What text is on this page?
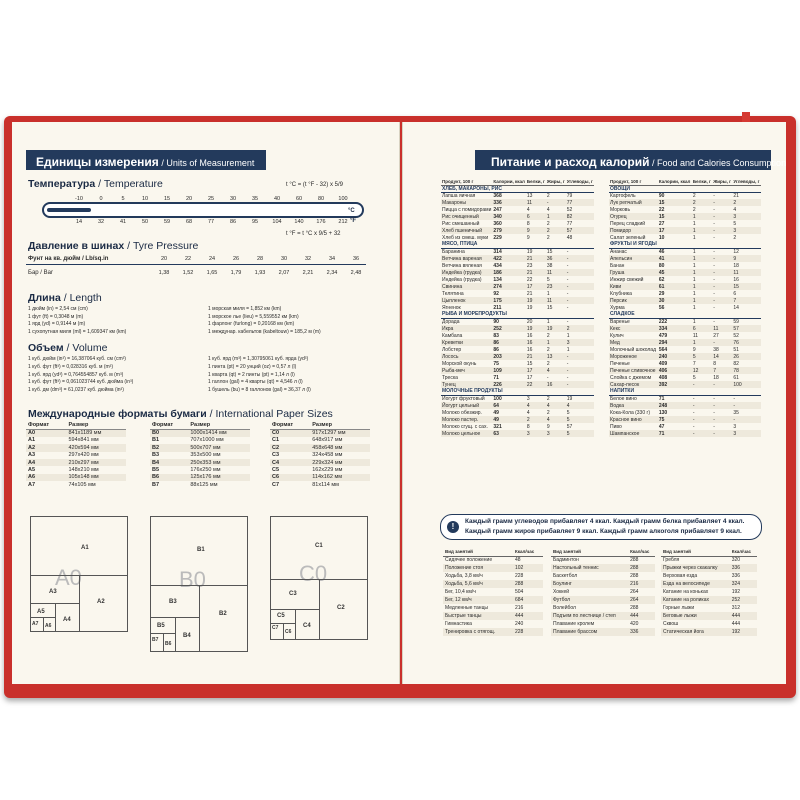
Единицы измерения / Units of Measurement
Температура / Temperature	t °C = (t °F - 32) x 5/9
-10	0	5	10	15	20	25	30	35	40	60	80	100
°C
14	32	41	50	59	68	77	86	95	104	140	176	212 °F
t °F = t °C x 9/5 + 32
Давление в шинах / Tyre Pressure
Фунт на кв. дюйм / Lb/sq.in	20	22	24	26	28	30	32	34	36
Бар / Bar	1,38	1,52	1,65	1,79	1,93	2,07	2,21	2,34	2,48
Длина / Length
1 дюйм (in) = 2,54 см (cm)
1 фут (ft) = 0,3048 м (m)
1 ярд (yd) = 0,9144 м (m)
1 сухопутная миля (ml) = 1,609347 км (km)
1 морская миля = 1,852 км (km)
1 морское лье (lieu) = 5,559552 км (km)
1 фарлонг (furlong) = 0,20168 км (km)
1 междунар. кабельтов (kabeltouw) = 185,2 м (m)
Объем / Volume
1 куб. дюйм (in³) = 16,387064 куб. см (cm³)
1 куб. фут (ft³) = 0,028316 куб. м (m³)
1 куб. ярд (yd³) = 0,764554857 куб. м (m³)
1 куб. фут (ft³) = 0,061023744 куб. дюйма (in³)
1 куб. дм (dm³) = 61,0237 куб. дюйма (in³)
1 куб. ярд (m³) = 1,30795061 куб. ярда (yd³)
1 пинта (pt) = 20 унций (oz) = 0,57 л (l)
1 кварта (qt) = 2 пинты (pt) = 1,14 л (l)
1 галлон (gal) = 4 кварты (qt) = 4,546 л (l)
1 бушель (bu) = 8 галлонов (gal) = 36,37 л (l)
Международные форматы бумаги / International Paper Sizes
Формат	Размер
A0	841x1189 мм
A1	594x841 мм
A2	420x594 мм
A3	297x420 мм
A4	210x297 мм
A5	148x210 мм
A6	105x148 мм
A7	74x105 мм
Формат	Размер
B0	1000x1414 мм
B1	707x1000 мм
B2	500x707 мм
B3	353x500 мм
B4	250x353 мм
B5	176x250 мм
B6	125x176 мм
B7	88x125 мм
Формат	Размер
C0	917x1297 мм
C1	648x917 мм
C2	458x648 мм
C3	324x458 мм
C4	229x324 мм
C5	162x229 мм
C6	114x162 мм
C7	81x114 мм
A0
A1
A2
A3
A4
A5
A6
A7
B0
B1
B2
B3
B4
B5
B6
B7
C0
C1
C2
C3
C4
C5
C6
C7
Питание и расход калорий / Food and Calories Consumption
Продукт, 100 г	Калории, ккал	Белки, г	Жиры, г	Углеводы, г
ХЛЕБ, МАКАРОНЫ, РИС				
Лапша яичная	368	13	2	79
Макароны	336	11	-	77
Пицца с помидорами	247	4	4	52
Рис очищенный	340	6	1	82
Рис смешанный	360	8	2	77
Хлеб пшеничный	279	9	2	57
Хлеб из смеш. муки	229	9	2	48
МЯСО, ПТИЦА				
Баранина	314	19	15	-
Ветчина вареная	422	21	36	-
Ветчина вяленая	434	23	38	-
Индейка (грудка)	186	21	11	-
Индейка (грудка)	134	22	5	-
Свинина	274	17	23	-
Телятина	92	21	1	-
Цыпленок	175	19	11	-
Ягненок	211	19	15	-
РЫБА И МОРЕПРОДУКТЫ				
Дорада	90	20	1	-
Икра	252	19	19	2
Камбала	83	16	2	1
Креветки	86	16	1	3
Лобстер	86	16	2	1
Лосось	203	21	13	-
Морской окунь	75	15	2	-
Рыба-меч	109	17	4	-
Треска	71	17	-	-
Тунец	226	22	16	-
МОЛОЧНЫЕ ПРОДУКТЫ				
Йогурт фруктовый	100	3	2	19
Йогурт цельный	64	4	4	4
Молоко обезжир.	49	4	2	5
Молоко пастер.	49	2	4	5
Молоко сгущ. с сах.	321	8	9	57
Молоко цельное	63	3	3	5
Продукт, 100 г	Калории, ккал	Белки, г	Жиры, г	Углеводы, г
ОВОЩИ				
Картофель	90	2	-	21
Лук репчатый	15	2	-	2
Морковь	22	2	-	4
Огурец	15	1	-	3
Перец сладкий	27	1	-	5
Помидор	17	1	-	3
Салат зеленый	10	1	-	2
ФРУКТЫ И ЯГОДЫ				
Ананас	46	1	-	12
Апельсин	41	1	-	9
Банан	80	1	-	18
Груша	45	1	-	11
Инжир свежий	62	1	-	16
Киви	61	1	-	15
Клубника	29	1	-	6
Персик	30	1	-	7
Хурма	56	1	-	14
СЛАДКОЕ				
Варенье	222	1	-	59
Кекс	334	6	11	57
Кулич	479	11	27	52
Мед	294	1	-	76
Молочный шоколад	564	9	38	51
Мороженое	240	5	14	26
Печенье	409	7	8	82
Печенье сливочное	406	12	7	78
Слойка с джемом	408	5	18	61
Сахар-песок	392	-	-	100
НАПИТКИ				
Белое вино	71	-	-	-
Водка	248	-	-	-
Кока-Кола (330 г)	130	-	-	35
Красное вино	75	-	-	-
Пиво	47	-	-	3
Шампанское	71	-	-	3
Вид занятий	Ккал/час
Сидячее положение	48
Положение стоя	102
Ходьба, 3,8 км/ч	228
Ходьба, 5,6 км/ч	288
Бег, 10,4 км/ч	504
Бег, 12 км/ч	684
Медленные танцы	216
Быстрые танцы	444
Гимнастика	240
Тренировка с отягощ.	228
Вид занятий	Ккал/час
Бадминтон	288
Настольный теннис	288
Баскетбол	288
Боулинг	216
Хоккей	264
Футбол	264
Волейбол	288
Подъем по лестнице / степ	444
Плавание кролем	420
Плавание брассом	336
Вид занятий	Ккал/час
Гребля	320
Прыжки через скакалку	336
Верховая езда	336
Езда на велосипеде	324
Катание на коньках	192
Катание на роликах	252
Горные лыжи	312
Беговые лыжи	444
Сквош	444
Статическая йога	192
!
Каждый грамм углеводов прибавляет 4 ккал. Каждый грамм белка прибавляет 4 ккал.
Каждый грамм жиров прибавляет 9 ккал. Каждый грамм алкоголя прибавляет 9 ккал.
